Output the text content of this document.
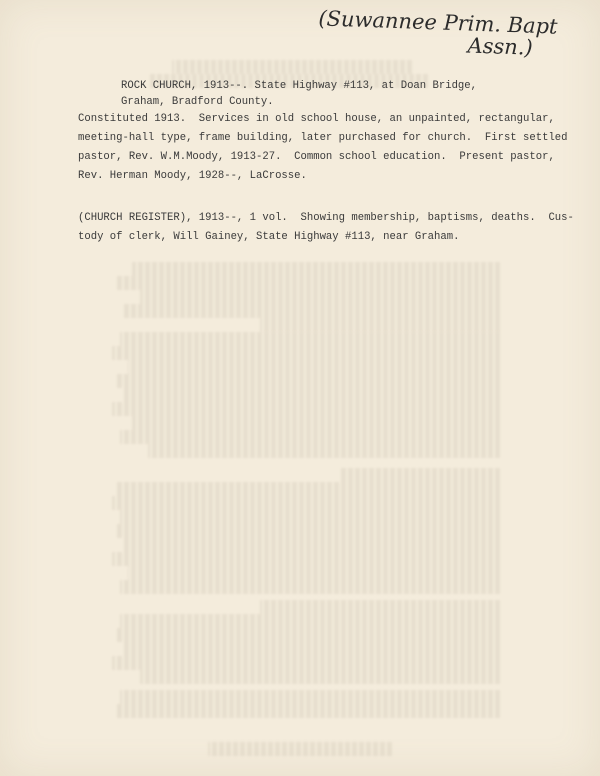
(Suwannee Prim. Bapt
Assn.)
ROCK CHURCH, 1913--. State Highway #113, at Doan Bridge,
Graham, Bradford County.
Constituted 1913.  Services in old school house, an unpainted, rectangular,
meeting-hall type, frame building, later purchased for church.  First settled
pastor, Rev. W.M.Moody, 1913-27.  Common school education.  Present pastor,
Rev. Herman Moody, 1928--, LaCrosse.
(CHURCH REGISTER), 1913--, 1 vol.  Showing membership, baptisms, deaths.  Cus-
tody of clerk, Will Gainey, State Highway #113, near Graham.
